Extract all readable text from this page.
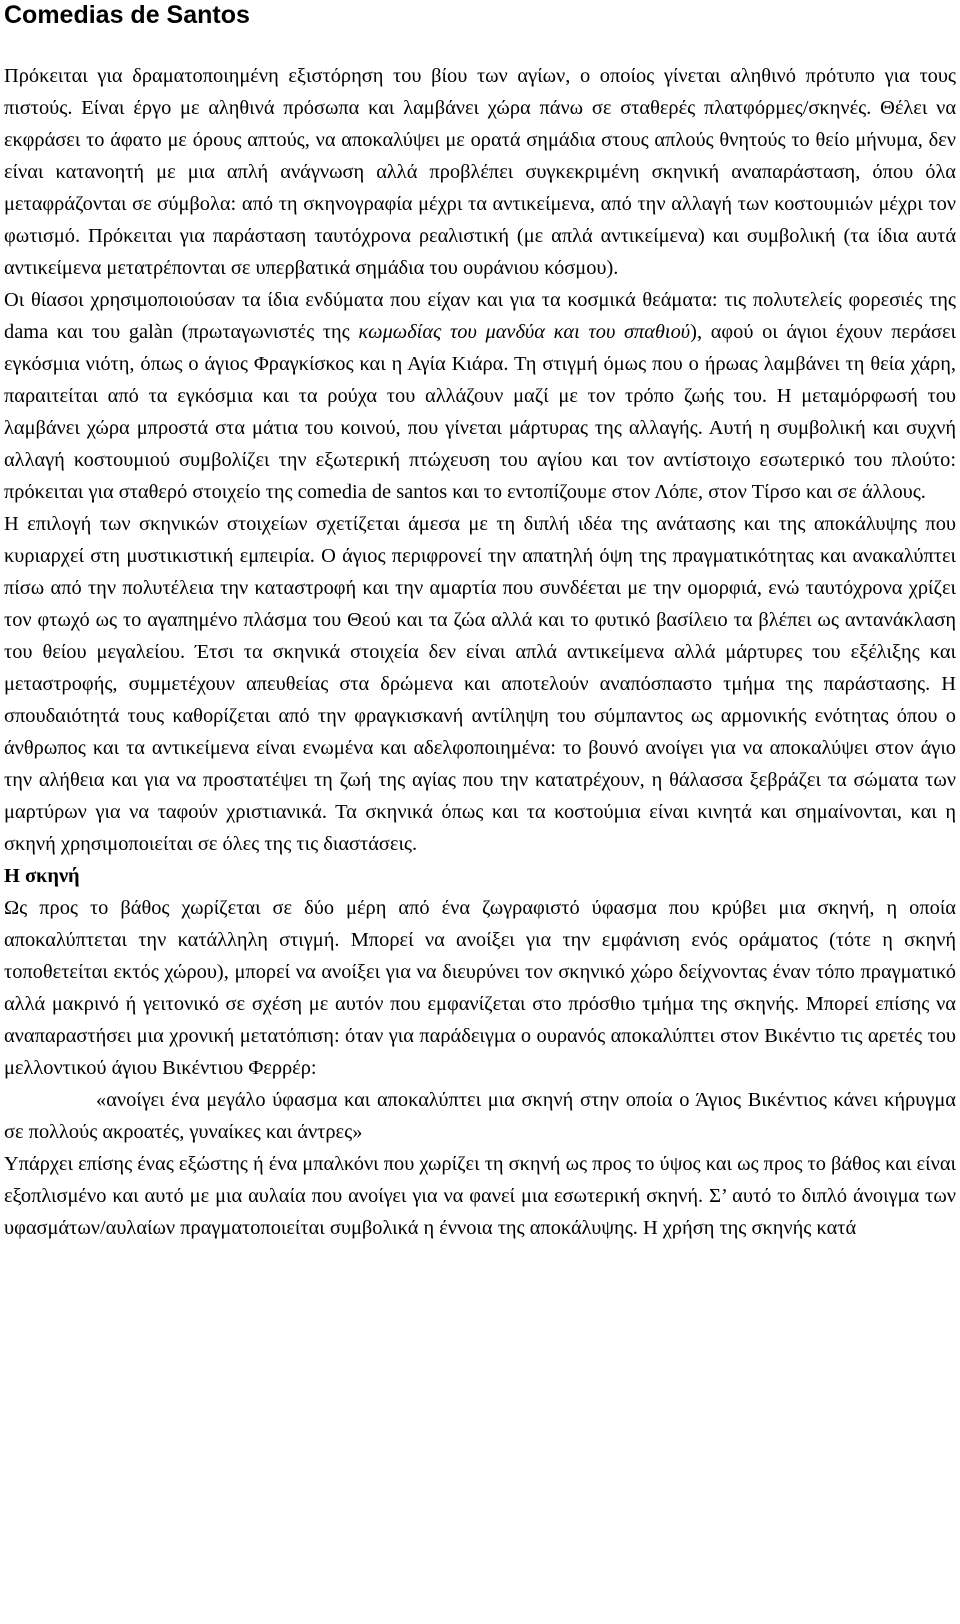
Comedias de Santos

Πρόκειται για δραματοποιημένη εξιστόρηση του βίου των αγίων, ο οποίος γίνεται αληθινό πρότυπο για τους πιστούς. Είναι έργο με αληθινά πρόσωπα και λαμβάνει χώρα πάνω σε σταθερές πλατφόρμες/σκηνές. Θέλει να εκφράσει το άφατο με όρους απτούς, να αποκαλύψει με ορατά σημάδια στους απλούς θνητούς το θείο μήνυμα, δεν είναι κατανοητή με μια απλή ανάγνωση αλλά προβλέπει συγκεκριμένη σκηνική αναπαράσταση, όπου όλα μεταφράζονται σε σύμβολα: από τη σκηνογραφία μέχρι τα αντικείμενα, από την αλλαγή των κοστουμιών μέχρι τον φωτισμό. Πρόκειται για παράσταση ταυτόχρονα ρεαλιστική (με απλά αντικείμενα) και συμβολική (τα ίδια αυτά αντικείμενα μετατρέπονται σε υπερβατικά σημάδια του ουράνιου κόσμου).

Οι θίασοι χρησιμοποιούσαν τα ίδια ενδύματα που είχαν και για τα κοσμικά θεάματα: τις πολυτελείς φορεσιές της dama και του galàn (πρωταγωνιστές της κωμωδίας του μανδύα και του σπαθιού), αφού οι άγιοι έχουν περάσει εγκόσμια νιότη, όπως ο άγιος Φραγκίσκος και η Αγία Κιάρα. Τη στιγμή όμως που ο ήρωας λαμβάνει τη θεία χάρη, παραιτείται από τα εγκόσμια και τα ρούχα του αλλάζουν μαζί με τον τρόπο ζωής του. Η μεταμόρφωσή του λαμβάνει χώρα μπροστά στα μάτια του κοινού, που γίνεται μάρτυρας της αλλαγής. Αυτή η συμβολική και συχνή αλλαγή κοστουμιού συμβολίζει την εξωτερική πτώχευση του αγίου και τον αντίστοιχο εσωτερικό του πλούτο: πρόκειται για σταθερό στοιχείο της comedia de santos και το εντοπίζουμε στον Λόπε, στον Τίρσο και σε άλλους.

Η επιλογή των σκηνικών στοιχείων σχετίζεται άμεσα με τη διπλή ιδέα της ανάτασης και της αποκάλυψης που κυριαρχεί στη μυστικιστική εμπειρία. Ο άγιος περιφρονεί την απατηλή όψη της πραγματικότητας και ανακαλύπτει πίσω από την πολυτέλεια την καταστροφή και την αμαρτία που συνδέεται με την ομορφιά, ενώ ταυτόχρονα χρίζει τον φτωχό ως το αγαπημένο πλάσμα του Θεού και τα ζώα αλλά και το φυτικό βασίλειο τα βλέπει ως αντανάκλαση του θείου μεγαλείου. Έτσι τα σκηνικά στοιχεία δεν είναι απλά αντικείμενα αλλά μάρτυρες του εξέλιξης και μεταστροφής, συμμετέχουν απευθείας στα δρώμενα και αποτελούν αναπόσπαστο τμήμα της παράστασης. Η σπουδαιότητά τους καθορίζεται από την φραγκισκανή αντίληψη του σύμπαντος ως αρμονικής ενότητας όπου ο άνθρωπος και τα αντικείμενα είναι ενωμένα και αδελφοποιημένα: το βουνό ανοίγει για να αποκαλύψει στον άγιο την αλήθεια και για να προστατέψει τη ζωή της αγίας που την κατατρέχουν, η θάλασσα ξεβράζει τα σώματα των μαρτύρων για να ταφούν χριστιανικά. Τα σκηνικά όπως και τα κοστούμια είναι κινητά και σημαίνονται, και η σκηνή χρησιμοποιείται σε όλες της τις διαστάσεις.

Η σκηνή

Ως προς το βάθος χωρίζεται σε δύο μέρη από ένα ζωγραφιστό ύφασμα που κρύβει μια σκηνή, η οποία αποκαλύπτεται την κατάλληλη στιγμή. Μπορεί να ανοίξει για την εμφάνιση ενός οράματος (τότε η σκηνή τοποθετείται εκτός χώρου), μπορεί να ανοίξει για να διευρύνει τον σκηνικό χώρο δείχνοντας έναν τόπο πραγματικό αλλά μακρινό ή γειτονικό σε σχέση με αυτόν που εμφανίζεται στο πρόσθιο τμήμα της σκηνής. Μπορεί επίσης να αναπαραστήσει μια χρονική μετατόπιση: όταν για παράδειγμα ο ουρανός αποκαλύπτει στον Βικέντιο τις αρετές του μελλοντικού άγιου Βικέντιου Φερρέρ:

«ανοίγει ένα μεγάλο ύφασμα και αποκαλύπτει μια σκηνή στην οποία ο Άγιος Βικέντιος κάνει κήρυγμα σε πολλούς ακροατές, γυναίκες και άντρες»

Υπάρχει επίσης ένας εξώστης ή ένα μπαλκόνι που χωρίζει τη σκηνή ως προς το ύψος και ως προς το βάθος και είναι εξοπλισμένο και αυτό με μια αυλαία που ανοίγει για να φανεί μια εσωτερική σκηνή. Σ’ αυτό το διπλό άνοιγμα των υφασμάτων/αυλαίων πραγματοποιείται συμβολικά η έννοια της αποκάλυψης. Η χρήση της σκηνής κατά
